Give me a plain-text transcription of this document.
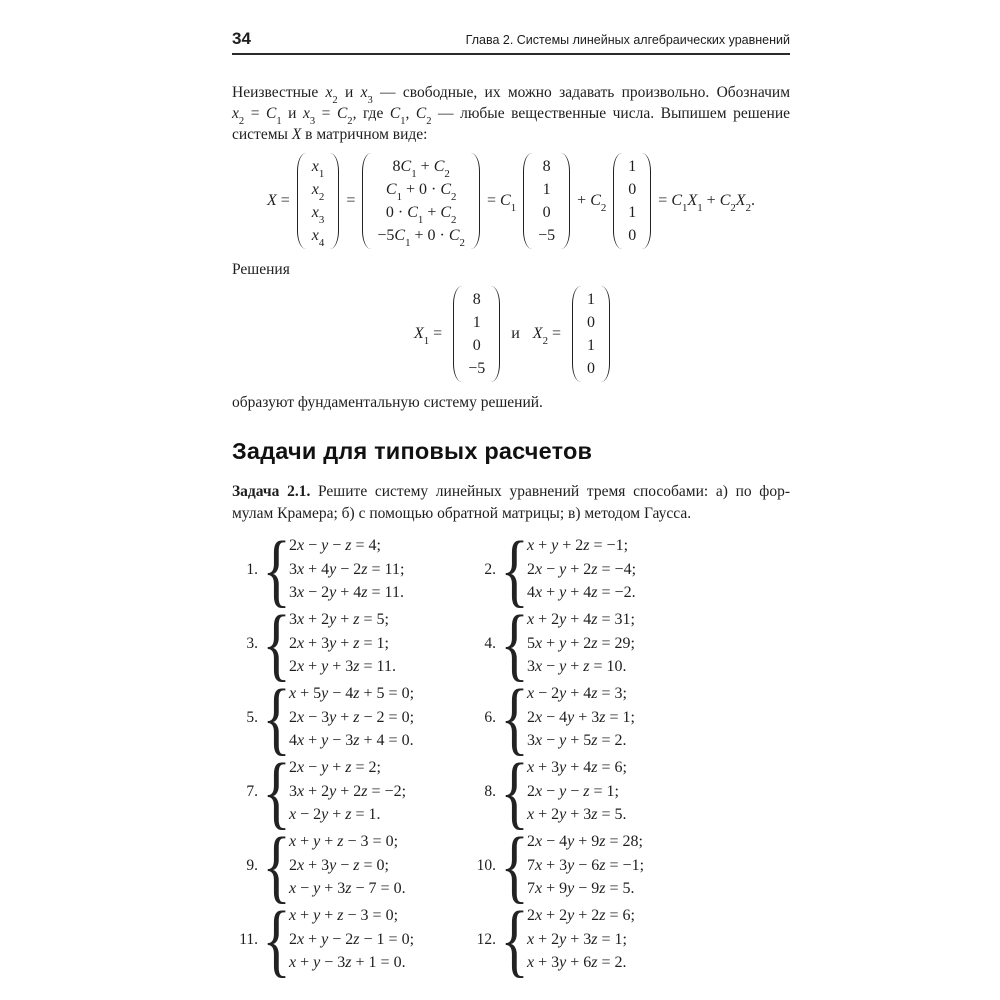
34	Глава 2. Системы линейных алгебраических уравнений
Неизвестные $x_2$ и $x_3$ — свободные, их можно задавать произвольно. Обозначим
$x_2 = C_1$ и $x_3 = C_2$, где $C_1$, $C_2$ — любые вещественные числа. Выпишем решение
системы X в матричном виде:
X =
$x_1$
$x_2$
$x_3$
$x_4$
=
$8C_1 + C_2$
$C_1 + 0 \cdot C_2$
$0 \cdot C_1 + C_2$
$-5C_1 + 0 \cdot C_2$
= $C_1$
8
1
0
−5
+ $C_2$
1
0
1
0
= $C_1X_1 + C_2X_2$.
Решения
$X_1$ =
8
1
0
−5
и $X_2$ =
1
0
1
0
образуют фундаментальную систему решений.
Задачи для типовых расчетов
Задача 2.1. Решите систему линейных уравнений тремя способами: а) по фор-
мулам Крамера; б) с помощью обратной матрицы; в) методом Гаусса.
1. {
2x − y − z = 4;
3x + 4y − 2z = 11;
3x − 2y + 4z = 11.
2. {
x + y + 2z = −1;
2x − y + 2z = −4;
4x + y + 4z = −2.
3. {
3x + 2y + z = 5;
2x + 3y + z = 1;
2x + y + 3z = 11.
4. {
x + 2y + 4z = 31;
5x + y + 2z = 29;
3x − y + z = 10.
5. {
x + 5y − 4z + 5 = 0;
2x − 3y + z − 2 = 0;
4x + y − 3z + 4 = 0.
6. {
x − 2y + 4z = 3;
2x − 4y + 3z = 1;
3x − y + 5z = 2.
7. {
2x − y + z = 2;
3x + 2y + 2z = −2;
x − 2y + z = 1.
8. {
x + 3y + 4z = 6;
2x − y − z = 1;
x + 2y + 3z = 5.
9. {
x + y + z − 3 = 0;
2x + 3y − z = 0;
x − y + 3z − 7 = 0.
10. {
2x − 4y + 9z = 28;
7x + 3y − 6z = −1;
7x + 9y − 9z = 5.
11. {
x + y + z − 3 = 0;
2x + y − 2z − 1 = 0;
x + y − 3z + 1 = 0.
12. {
2x + 2y + 2z = 6;
x + 2y + 3z = 1;
x + 3y + 6z = 2.
